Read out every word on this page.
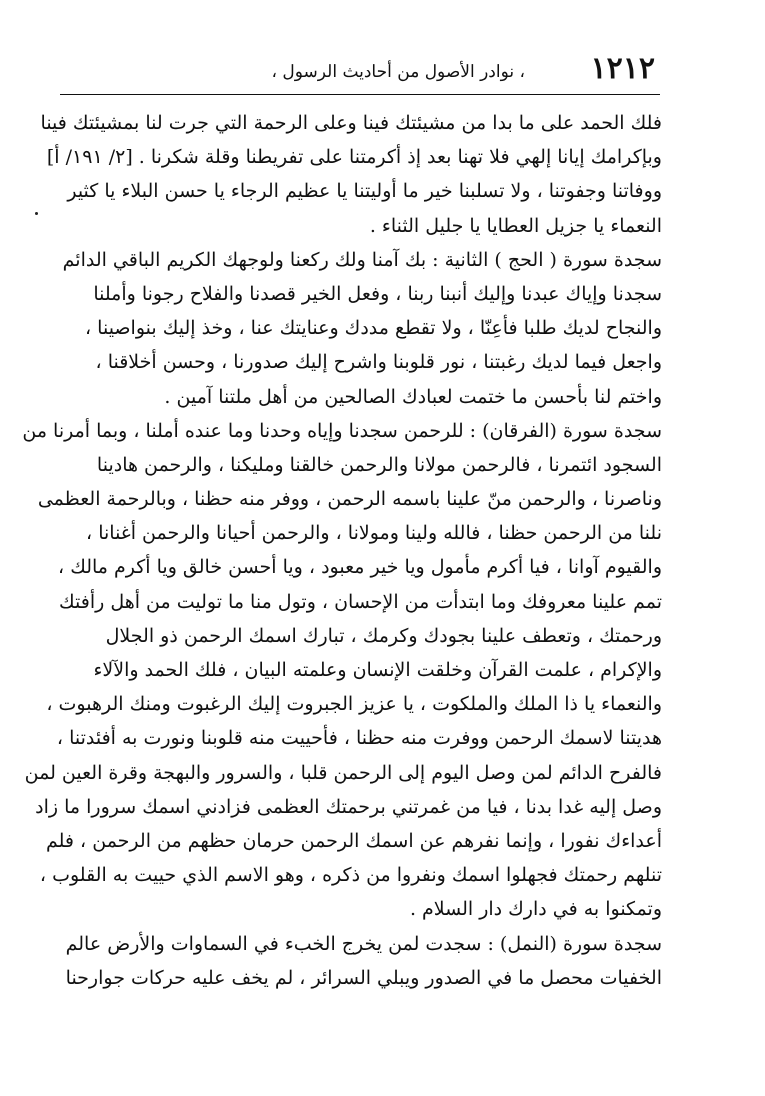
١٢١٢
، نوادر الأصول من أحاديث الرسول ،
فلك الحمد على ما بدا من مشيئتك فينا وعلى الرحمة التي جرت لنا بمشيئتك فينا
وبإكرامك إيانا إلهي فلا تهنا بعد إذ أكرمتنا على تفريطنا وقلة شكرنا . [٢/ ١٩١/ أ]
ووفاتنا وجفوتنا ، ولا تسلبنا خير ما أوليتنا يا عظيم الرجاء يا حسن البلاء يا كثير
النعماء يا جزيل العطايا يا جليل الثناء .
سجدة سورة ( الحج ) الثانية : بك آمنا ولك ركعنا ولوجهك الكريم الباقي الدائم
سجدنا وإياك عبدنا وإليك أنبنا ربنا ، وفعل الخير قصدنا والفلاح رجونا وأملنا
والنجاح لديك طلبا فأعِنّا ، ولا تقطع مددك وعنايتك عنا ، وخذ إليك بنواصينا ،
واجعل فيما لديك رغبتنا ، نور قلوبنا واشرح إليك صدورنا ، وحسن أخلاقنا ،
واختم لنا بأحسن ما ختمت لعبادك الصالحين من أهل ملتنا آمين .
سجدة سورة (الفرقان) : للرحمن سجدنا وإياه وحدنا وما عنده أملنا ، وبما أمرنا من
السجود ائتمرنا ، فالرحمن مولانا والرحمن خالقنا ومليكنا ، والرحمن هادينا
وناصرنا ، والرحمن منّ علينا باسمه الرحمن ، ووفر منه حظنا ، وبالرحمة العظمى
نلنا من الرحمن حظنا ، فالله ولينا ومولانا ، والرحمن أحيانا والرحمن أغنانا ،
والقيوم آوانا ، فيا أكرم مأمول ويا خير معبود ، ويا أحسن خالق ويا أكرم مالك ،
تمم علينا معروفك وما ابتدأت من الإحسان ، وتول منا ما توليت من أهل رأفتك
ورحمتك ، وتعطف علينا بجودك وكرمك ، تبارك اسمك الرحمن ذو الجلال
والإكرام ، علمت القرآن وخلقت الإنسان وعلمته البيان ، فلك الحمد والآلاء
والنعماء يا ذا الملك والملكوت ، يا عزيز الجبروت إليك الرغبوت ومنك الرهبوت ،
هديتنا لاسمك الرحمن ووفرت منه حظنا ، فأحييت منه قلوبنا ونورت به أفئدتنا ،
فالفرح الدائم لمن وصل اليوم إلى الرحمن قلبا ، والسرور والبهجة وقرة العين لمن
وصل إليه غدا بدنا ، فيا من غمرتني برحمتك العظمى فزادني اسمك سرورا ما زاد
أعداءك نفورا ، وإنما نفرهم عن اسمك الرحمن حرمان حظهم من الرحمن ، فلم
تنلهم رحمتك فجهلوا اسمك ونفروا من ذكره ، وهو الاسم الذي حييت به القلوب ،
وتمكنوا به في دارك دار السلام .
سجدة سورة (النمل) : سجدت لمن يخرج الخبء في السماوات والأرض عالم
الخفيات محصل ما في الصدور ويبلي السرائر ، لم يخف عليه حركات جوارحنا
